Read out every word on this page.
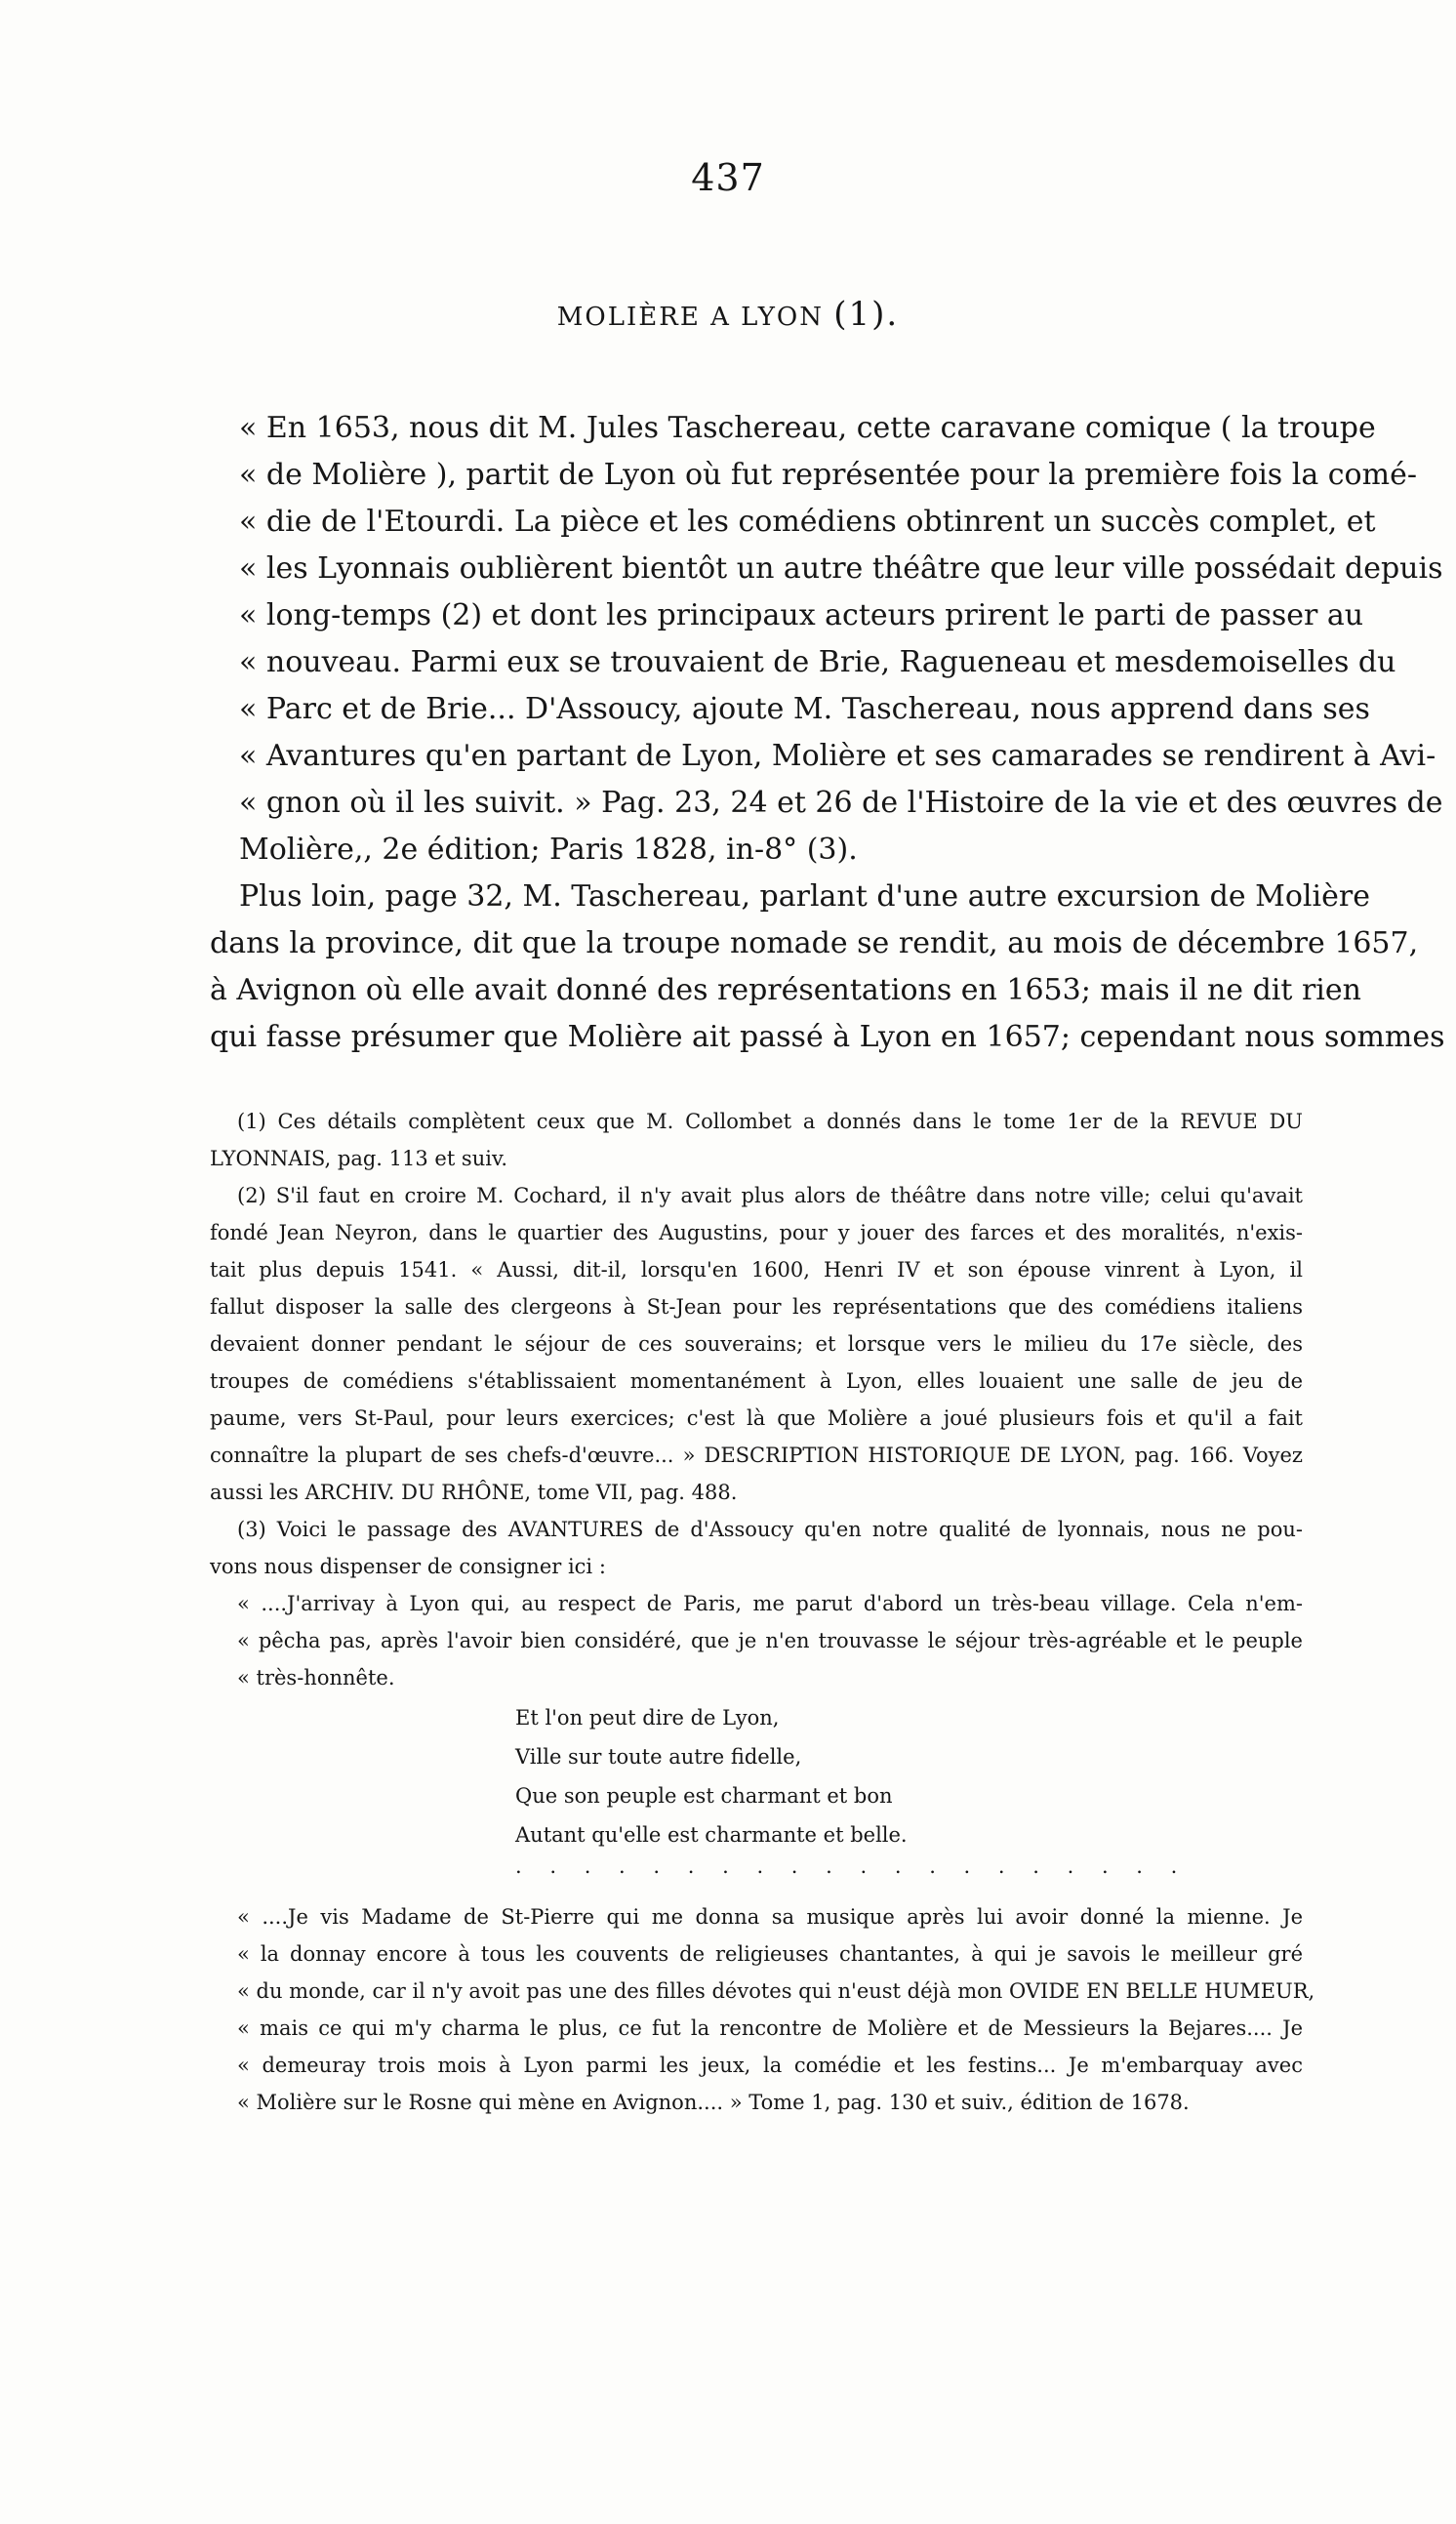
437
MOLIÈRE A LYON (1).
« En 1653, nous dit M. Jules Taschereau, cette caravane comique ( la troupe
« de Molière ), partit de Lyon où fut représentée pour la première fois la comé-
« die de l'Etourdi. La pièce et les comédiens obtinrent un succès complet, et
« les Lyonnais oublièrent bientôt un autre théâtre que leur ville possédait depuis
« long-temps (2) et dont les principaux acteurs prirent le parti de passer au
« nouveau. Parmi eux se trouvaient de Brie, Ragueneau et mesdemoiselles du
« Parc et de Brie... D'Assoucy, ajoute M. Taschereau, nous apprend dans ses
« Avantures qu'en partant de Lyon, Molière et ses camarades se rendirent à Avi-
« gnon où il les suivit. » Pag. 23, 24 et 26 de l'Histoire de la vie et des œuvres de
Molière,, 2e édition; Paris 1828, in-8° (3).
Plus loin, page 32, M. Taschereau, parlant d'une autre excursion de Molière
dans la province, dit que la troupe nomade se rendit, au mois de décembre 1657,
à Avignon où elle avait donné des représentations en 1653; mais il ne dit rien
qui fasse présumer que Molière ait passé à Lyon en 1657; cependant nous sommes
(1) Ces détails complètent ceux que M. Collombet a donnés dans le tome 1er de la REVUE DU
LYONNAIS, pag. 113 et suiv.
(2) S'il faut en croire M. Cochard, il n'y avait plus alors de théâtre dans notre ville; celui qu'avait
fondé Jean Neyron, dans le quartier des Augustins, pour y jouer des farces et des moralités, n'exis-
tait plus depuis 1541. « Aussi, dit-il, lorsqu'en 1600, Henri IV et son épouse vinrent à Lyon, il
fallut disposer la salle des clergeons à St-Jean pour les représentations que des comédiens italiens
devaient donner pendant le séjour de ces souverains; et lorsque vers le milieu du 17e siècle, des
troupes de comédiens s'établissaient momentanément à Lyon, elles louaient une salle de jeu de
paume, vers St-Paul, pour leurs exercices; c'est là que Molière a joué plusieurs fois et qu'il a fait
connaître la plupart de ses chefs-d'œuvre... » DESCRIPTION HISTORIQUE DE LYON, pag. 166. Voyez
aussi les ARCHIV. DU RHÔNE, tome VII, pag. 488.
(3) Voici le passage des AVANTURES de d'Assoucy qu'en notre qualité de lyonnais, nous ne pou-
vons nous dispenser de consigner ici :
« ....J'arrivay à Lyon qui, au respect de Paris, me parut d'abord un très-beau village. Cela n'em-
« pêcha pas, après l'avoir bien considéré, que je n'en trouvasse le séjour très-agréable et le peuple
« très-honnête.
Et l'on peut dire de Lyon,
Ville sur toute autre fidelle,
Que son peuple est charmant et bon
Autant qu'elle est charmante et belle.
. . . . . . . . . . . . . . . . . . . .
« ....Je vis Madame de St-Pierre qui me donna sa musique après lui avoir donné la mienne. Je
« la donnay encore à tous les couvents de religieuses chantantes, à qui je savois le meilleur gré
« du monde, car il n'y avoit pas une des filles dévotes qui n'eust déjà mon OVIDE EN BELLE HUMEUR,
« mais ce qui m'y charma le plus, ce fut la rencontre de Molière et de Messieurs la Bejares.... Je
« demeuray trois mois à Lyon parmi les jeux, la comédie et les festins... Je m'embarquay avec
« Molière sur le Rosne qui mène en Avignon.... » Tome 1, pag. 130 et suiv., édition de 1678.
